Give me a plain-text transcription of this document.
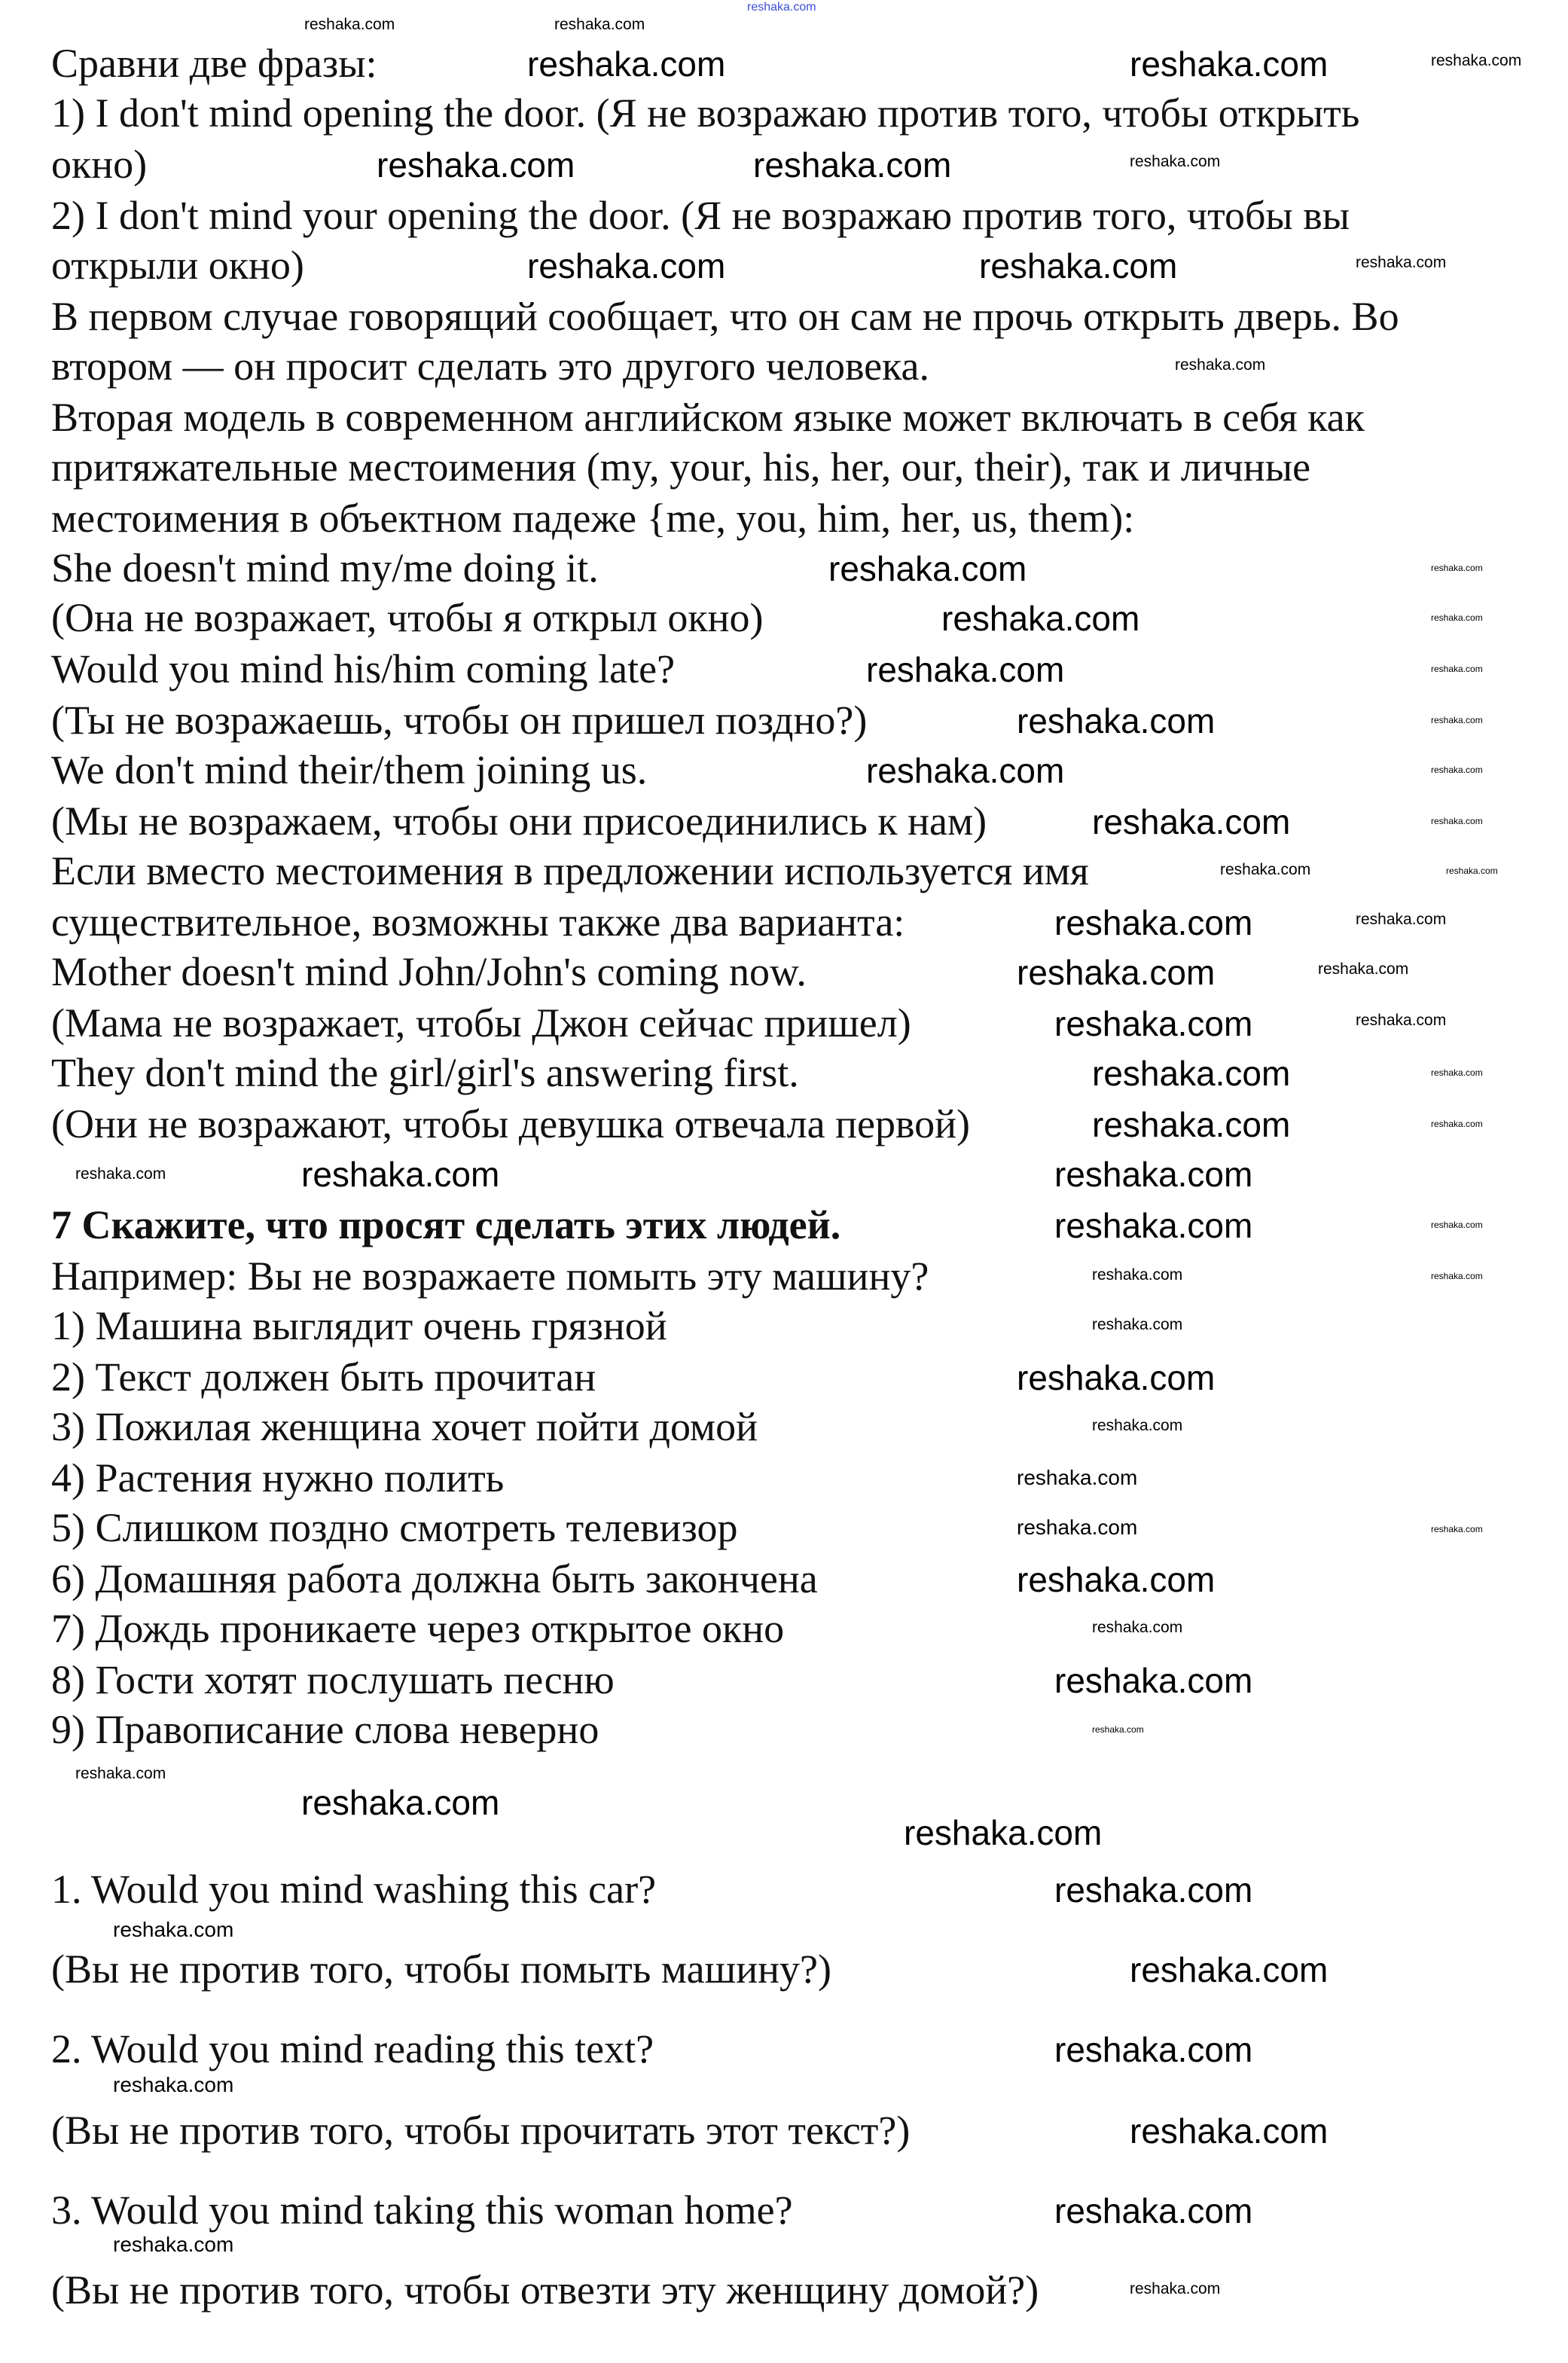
Сравни две фразы:
1) I don't mind opening the door. (Я не возражаю против того, чтобы открыть
окно)
2) I don't mind your opening the door. (Я не возражаю против того, чтобы вы
открыли окно)
В первом случае говорящий сообщает, что он сам не прочь открыть дверь. Во
втором — он просит сделать это другого человека.
Вторая модель в современном английском языке может включать в себя как
притяжательные местоимения (my, your, his, her, our, their), так и личные
местоимения в объектном падеже {me, you, him, her, us, them):
She doesn't mind my/me doing it.
(Она не возражает, чтобы я открыл окно)
Would you mind his/him coming late?
(Ты не возражаешь, чтобы он пришел поздно?)
We don't mind their/them joining us.
(Мы не возражаем, чтобы они присоединились к нам)
Если вместо местоимения в предложении используется имя
существительное, возможны также два варианта:
Mother doesn't mind John/John's coming now.
(Мама не возражает, чтобы Джон сейчас пришел)
They don't mind the girl/girl's answering first.
(Они не возражают, чтобы девушка отвечала первой)
7 Скажите, что просят сделать этих людей.
Например: Вы не возражаете помыть эту машину?
1) Машина выглядит очень грязной
2) Текст должен быть прочитан
3) Пожилая женщина хочет пойти домой
4) Растения нужно полить
5) Слишком поздно смотреть телевизор
6) Домашняя работа должна быть закончена
7) Дождь проникаете через открытое окно
8) Гости хотят послушать песню
9) Правописание слова неверно
1. Would you mind washing this car?
(Вы не против того, чтобы помыть машину?)
2. Would you mind reading this text?
(Вы не против того, чтобы прочитать этот текст?)
3. Would you mind taking this woman home?
(Вы не против того, чтобы отвезти эту женщину домой?)
reshaka.com
reshaka.com	reshaka.com
reshaka.com	reshaka.com	reshaka.com
reshaka.com	reshaka.com	reshaka.com
reshaka.com	reshaka.com	reshaka.com
reshaka.com
reshaka.com	reshaka.com
reshaka.com	reshaka.com
reshaka.com	reshaka.com
reshaka.com	reshaka.com
reshaka.com	reshaka.com
reshaka.com	reshaka.com
reshaka.com	reshaka.com
reshaka.com	reshaka.com
reshaka.com	reshaka.com
reshaka.com	reshaka.com
reshaka.com	reshaka.com
reshaka.com	reshaka.com
reshaka.com	reshaka.com
reshaka.com
reshaka.com	reshaka.com
reshaka.com	reshaka.com
reshaka.com
reshaka.com
reshaka.com
reshaka.com
reshaka.com	reshaka.com
reshaka.com
reshaka.com
reshaka.com
reshaka.com
reshaka.com
reshaka.com
reshaka.com
reshaka.com
reshaka.com
reshaka.com
reshaka.com
reshaka.com
reshaka.com
reshaka.com
reshaka.com
reshaka.com
